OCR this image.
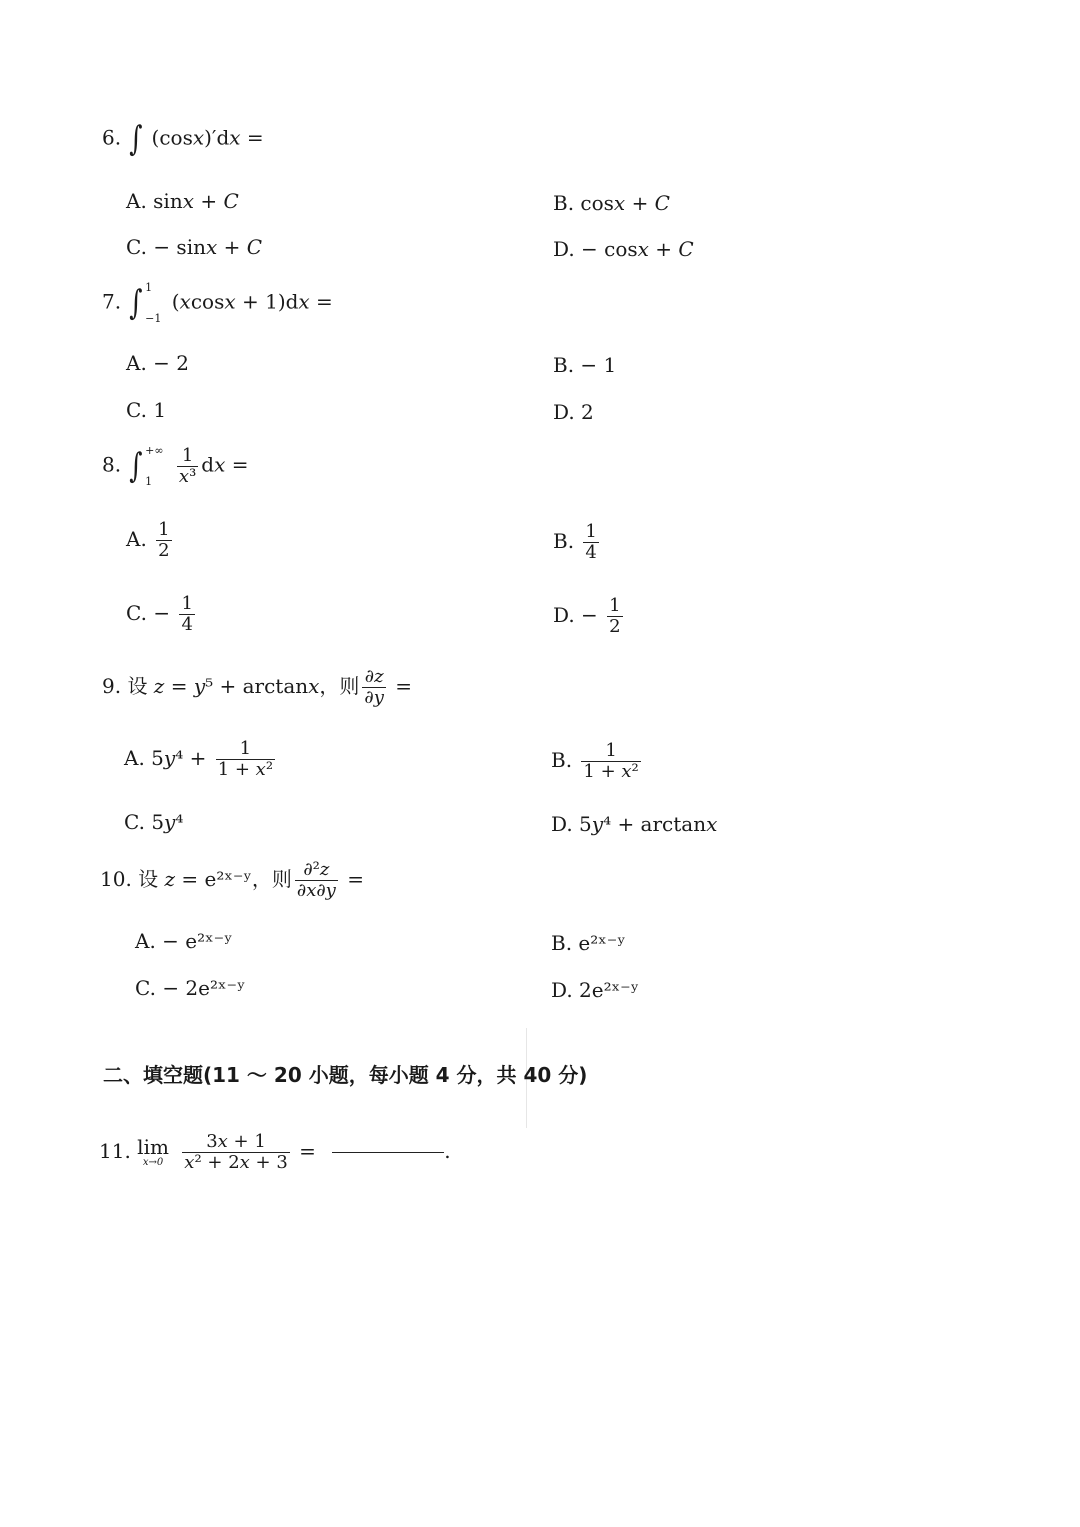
6. ∫ (cos𝑥)′d𝑥 =
A. sin𝑥 + 𝐶	B. cos𝑥 + 𝐶
C. − sin𝑥 + 𝐶	D. − cos𝑥 + 𝐶
7. ∫ 1
−1
(𝑥cos𝑥 + 1)d𝑥 =
A. − 2	B. − 1
C. 1	D. 2
8. ∫ +∞
1
	$\frac{1}{\text{𝑥³}}$ d𝑥 =
A. $\frac{1}{2}$	B. $\frac{1}{4}$
C. − $\frac{1}{4}$	D. − $\frac{1}{2}$
9. 设 𝑧 = 𝑦⁵ + arctan𝑥，则 $\frac{\text{∂𝑧}}{\text{∂𝑦}}$ =
A. 5𝑦⁴ + $\frac{1}{\text{1 + 𝑥²}}$	B. $\frac{1}{\text{1 + 𝑥²}}$
C. 5𝑦⁴	D. 5𝑦⁴ + arctan𝑥
10. 设 𝑧 = e²ˣ⁻ʸ，则 $\frac{\text{∂²𝑧}}{\text{∂𝑥∂𝑦}}$ =
A. − e²ˣ⁻ʸ	B. e²ˣ⁻ʸ
C. − 2e²ˣ⁻ʸ	D. 2e²ˣ⁻ʸ
二、填空题(11 ～ 20 小题，每小题 4 分，共 40 分)
11. lim
𝑥→0
$\frac{\text{3𝑥 + 1}}{\text{𝑥² + 2𝑥 + 3}}$ =	.
